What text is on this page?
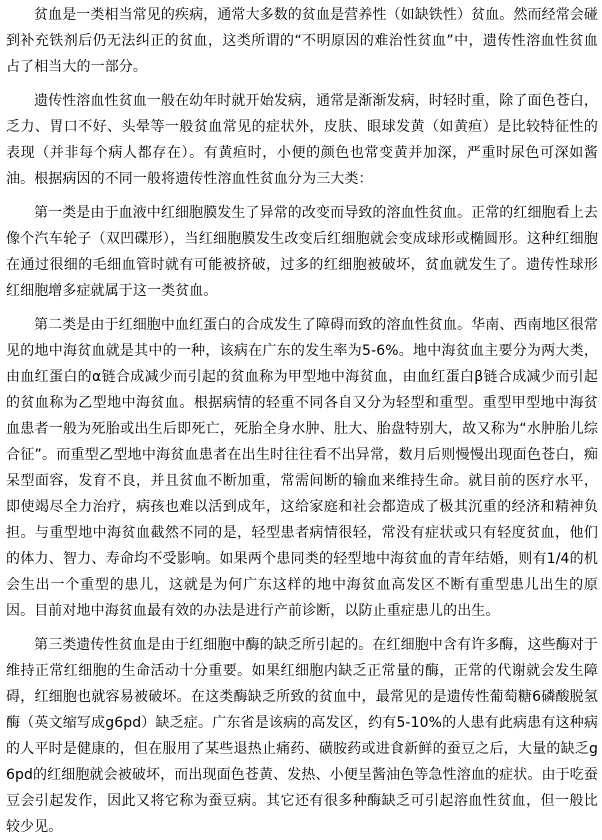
贫血是一类相当常见的疾病，通常大多数的贫血是营养性（如缺铁性）贫血。然而经常会碰到补充铁剂后仍无法纠正的贫血，这类所谓的“不明原因的难治性贫血”中，遗传性溶血性贫血占了相当大的一部分。

遗传性溶血性贫血一般在幼年时就开始发病，通常是渐渐发病，时轻时重，除了面色苍白，乏力、胃口不好、头晕等一般贫血常见的症状外，皮肤、眼球发黄（如黄疸）是比较特征性的表现（并非每个病人都存在）。有黄疸时，小便的颜色也常变黄并加深，严重时尿色可深如酱油。根据病因的不同一般将遗传性溶血性贫血分为三大类：

第一类是由于血液中红细胞膜发生了异常的改变而导致的溶血性贫血。正常的红细胞看上去像个汽车轮子（双凹碟形），当红细胞膜发生改变后红细胞就会变成球形或椭圆形。这种红细胞在通过很细的毛细血管时就有可能被挤破，过多的红细胞被破坏，贫血就发生了。遗传性球形红细胞增多症就属于这一类贫血。

第二类是由于红细胞中血红蛋白的合成发生了障碍而致的溶血性贫血。华南、西南地区很常见的地中海贫血就是其中的一种，该病在广东的发生率为5-6%。地中海贫血主要分为两大类，由血红蛋白的α链合成减少而引起的贫血称为甲型地中海贫血，由血红蛋白β链合成减少而引起的贫血称为乙型地中海贫血。根据病情的轻重不同各自又分为轻型和重型。重型甲型地中海贫血患者一般为死胎或出生后即死亡，死胎全身水肿、肚大、胎盘特别大，故又称为“水肿胎儿综合征”。而重型乙型地中海贫血患者在出生时往往看不出异常，数月后则慢慢出现面色苍白，痴呆型面容，发育不良，并且贫血不断加重，常需间断的输血来维持生命。就目前的医疗水平，即使竭尽全力治疗，病孩也难以活到成年，这给家庭和社会都造成了极其沉重的经济和精神负担。与重型地中海贫血截然不同的是，轻型患者病情很轻，常没有症状或只有轻度贫血，他们的体力、智力、寿命均不受影响。如果两个患同类的轻型地中海贫血的青年结婚，则有1/4的机会生出一个重型的患儿，这就是为何广东这样的地中海贫血高发区不断有重型患儿出生的原因。目前对地中海贫血最有效的办法是进行产前诊断，以防止重症患儿的出生。

第三类遗传性贫血是由于红细胞中酶的缺乏所引起的。在红细胞中含有许多酶，这些酶对于维持正常红细胞的生命活动十分重要。如果红细胞内缺乏正常量的酶，正常的代谢就会发生障碍，红细胞也就容易被破坏。在这类酶缺乏所致的贫血中，最常见的是遗传性葡萄糖6磷酸脱氢酶（英文缩写成g6pd）缺乏症。广东省是该病的高发区，约有5-10%的人患有此病患有这种病的人平时是健康的，但在服用了某些退热止痛药、磺胺药或进食新鲜的蚕豆之后，大量的缺乏g6pd的红细胞就会被破坏，而出现面色苍黄、发热、小便呈酱油色等急性溶血的症状。由于吃蚕豆会引起发作，因此又将它称为蚕豆病。其它还有很多种酶缺乏可引起溶血性贫血，但一般比较少见。
